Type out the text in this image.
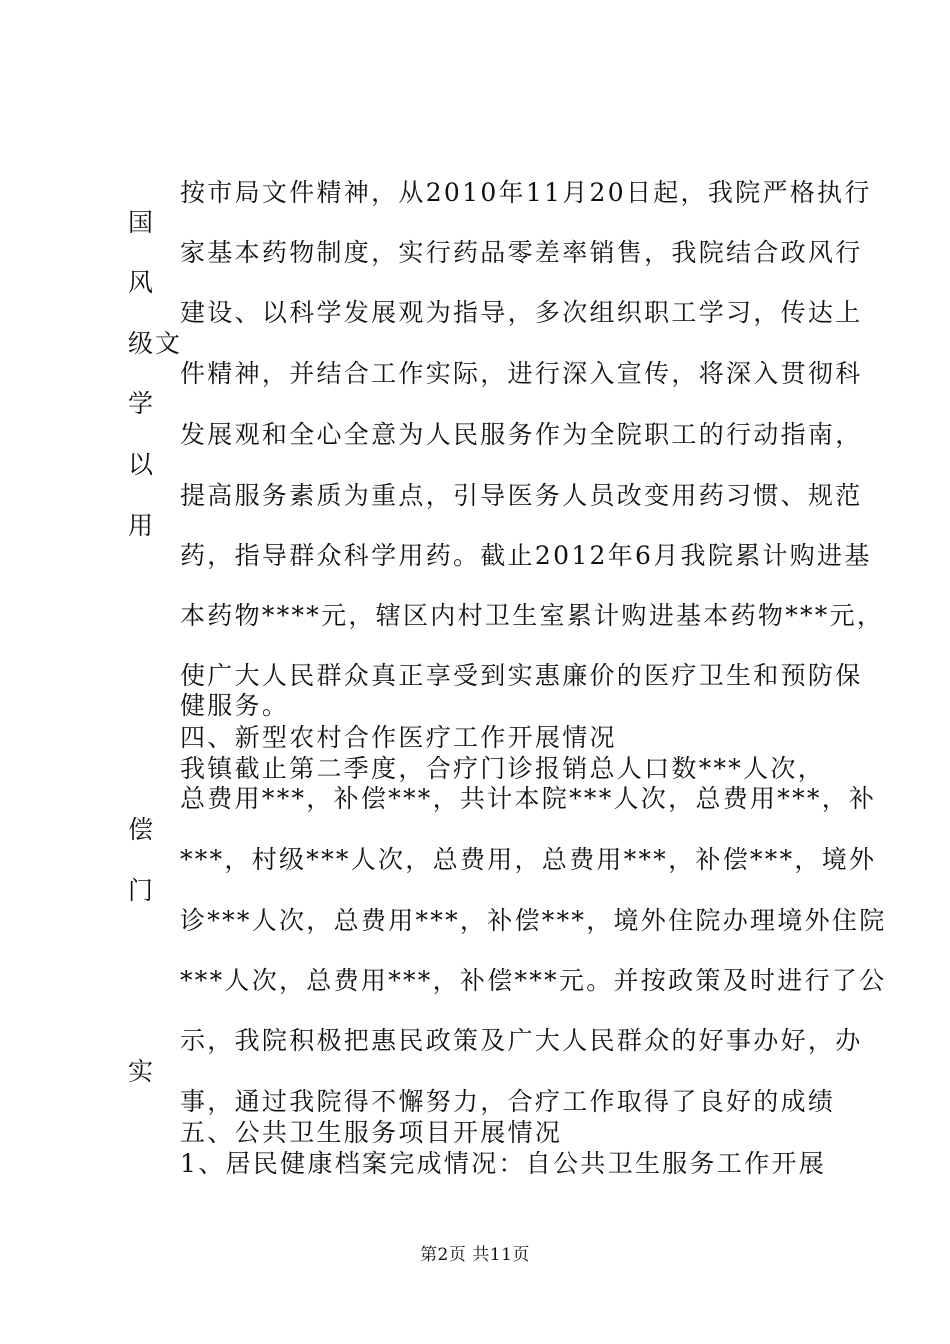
按市局文件精神，从2010年11月20日起，我院严格执行
国
家基本药物制度，实行药品零差率销售，我院结合政风行
风
建设、以科学发展观为指导，多次组织职工学习，传达上
级文
件精神，并结合工作实际，进行深入宣传，将深入贯彻科
学
发展观和全心全意为人民服务作为全院职工的行动指南，
以
提高服务素质为重点，引导医务人员改变用药习惯、规范
用
药，指导群众科学用药。截止2012年6月我院累计购进基
本药物****元，辖区内村卫生室累计购进基本药物***元，
使广大人民群众真正享受到实惠廉价的医疗卫生和预防保
健服务。
四、新型农村合作医疗工作开展情况
我镇截止第二季度，合疗门诊报销总人口数***人次，
总费用***，补偿***，共计本院***人次，总费用***，补
偿
***，村级***人次，总费用，总费用***，补偿***，境外
门
诊***人次，总费用***，补偿***，境外住院办理境外住院
***人次，总费用***，补偿***元。并按政策及时进行了公
示，我院积极把惠民政策及广大人民群众的好事办好，办
实
事，通过我院得不懈努力，合疗工作取得了良好的成绩
五、公共卫生服务项目开展情况
1、居民健康档案完成情况：自公共卫生服务工作开展
第2页 共11页
